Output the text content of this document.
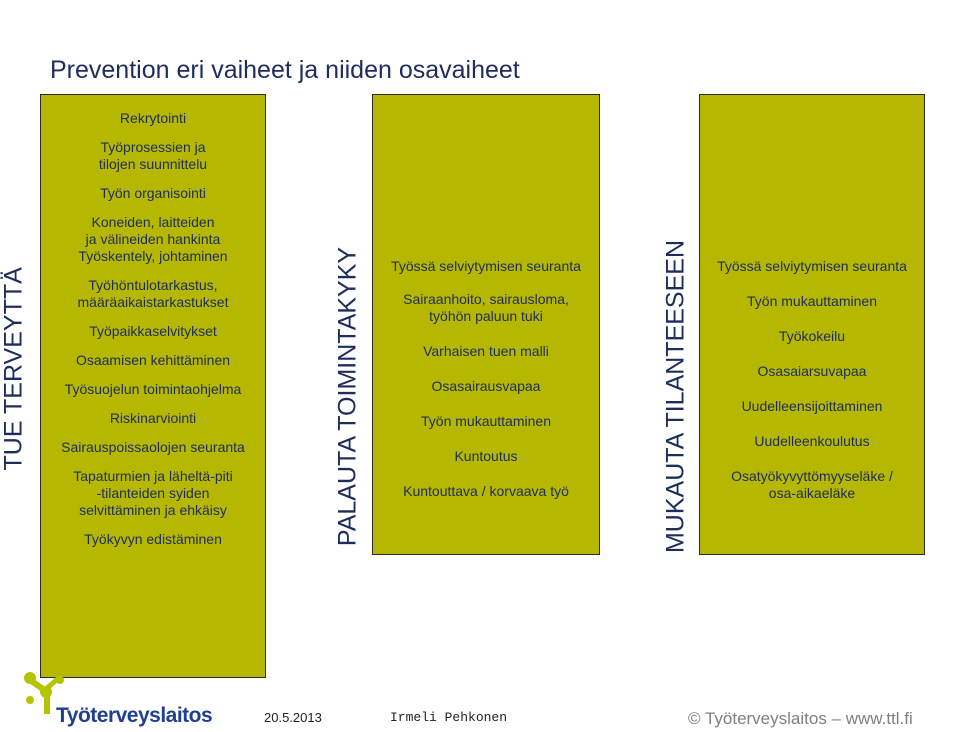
Prevention eri vaiheet ja niiden osavaiheet
TUE TERVEYTTÄ
Rekrytointi
Työprosessien ja
tilojen suunnittelu
Työn organisointi
Koneiden, laitteiden
ja välineiden hankinta
Työskentely, johtaminen
Työhöntulotarkastus,
määräaikaistarkastukset
Työpaikkaselvitykset
Osaamisen kehittäminen
Työsuojelun toimintaohjelma
Riskinarviointi
Sairauspoissaolojen seuranta
Tapaturmien ja läheltä-piti
-tilanteiden syiden
selvittäminen ja ehkäisy
Työkyvyn edistäminen	PALAUTA TOIMINTAKYKY Työssä selviytymisen seuranta
Sairaanhoito, sairausloma,
työhön paluun tuki
Varhaisen tuen malli
Osasairausvapaa
Työn mukauttaminen
Kuntoutus
Kuntouttava / korvaava työ	MUKAUTA TILANTEESEEN Työssä selviytymisen seuranta
Työn mukauttaminen
Työkokeilu
Osasaiarsuvapaa
Uudelleensijoittaminen
Uudelleenkoulutus
Osatyökyvyttömyyseläke /
osa-aikaeläke
Työterveyslaitos	20.5.2013	Irmeli Pehkonen	© Työterveyslaitos – www.ttl.fi
